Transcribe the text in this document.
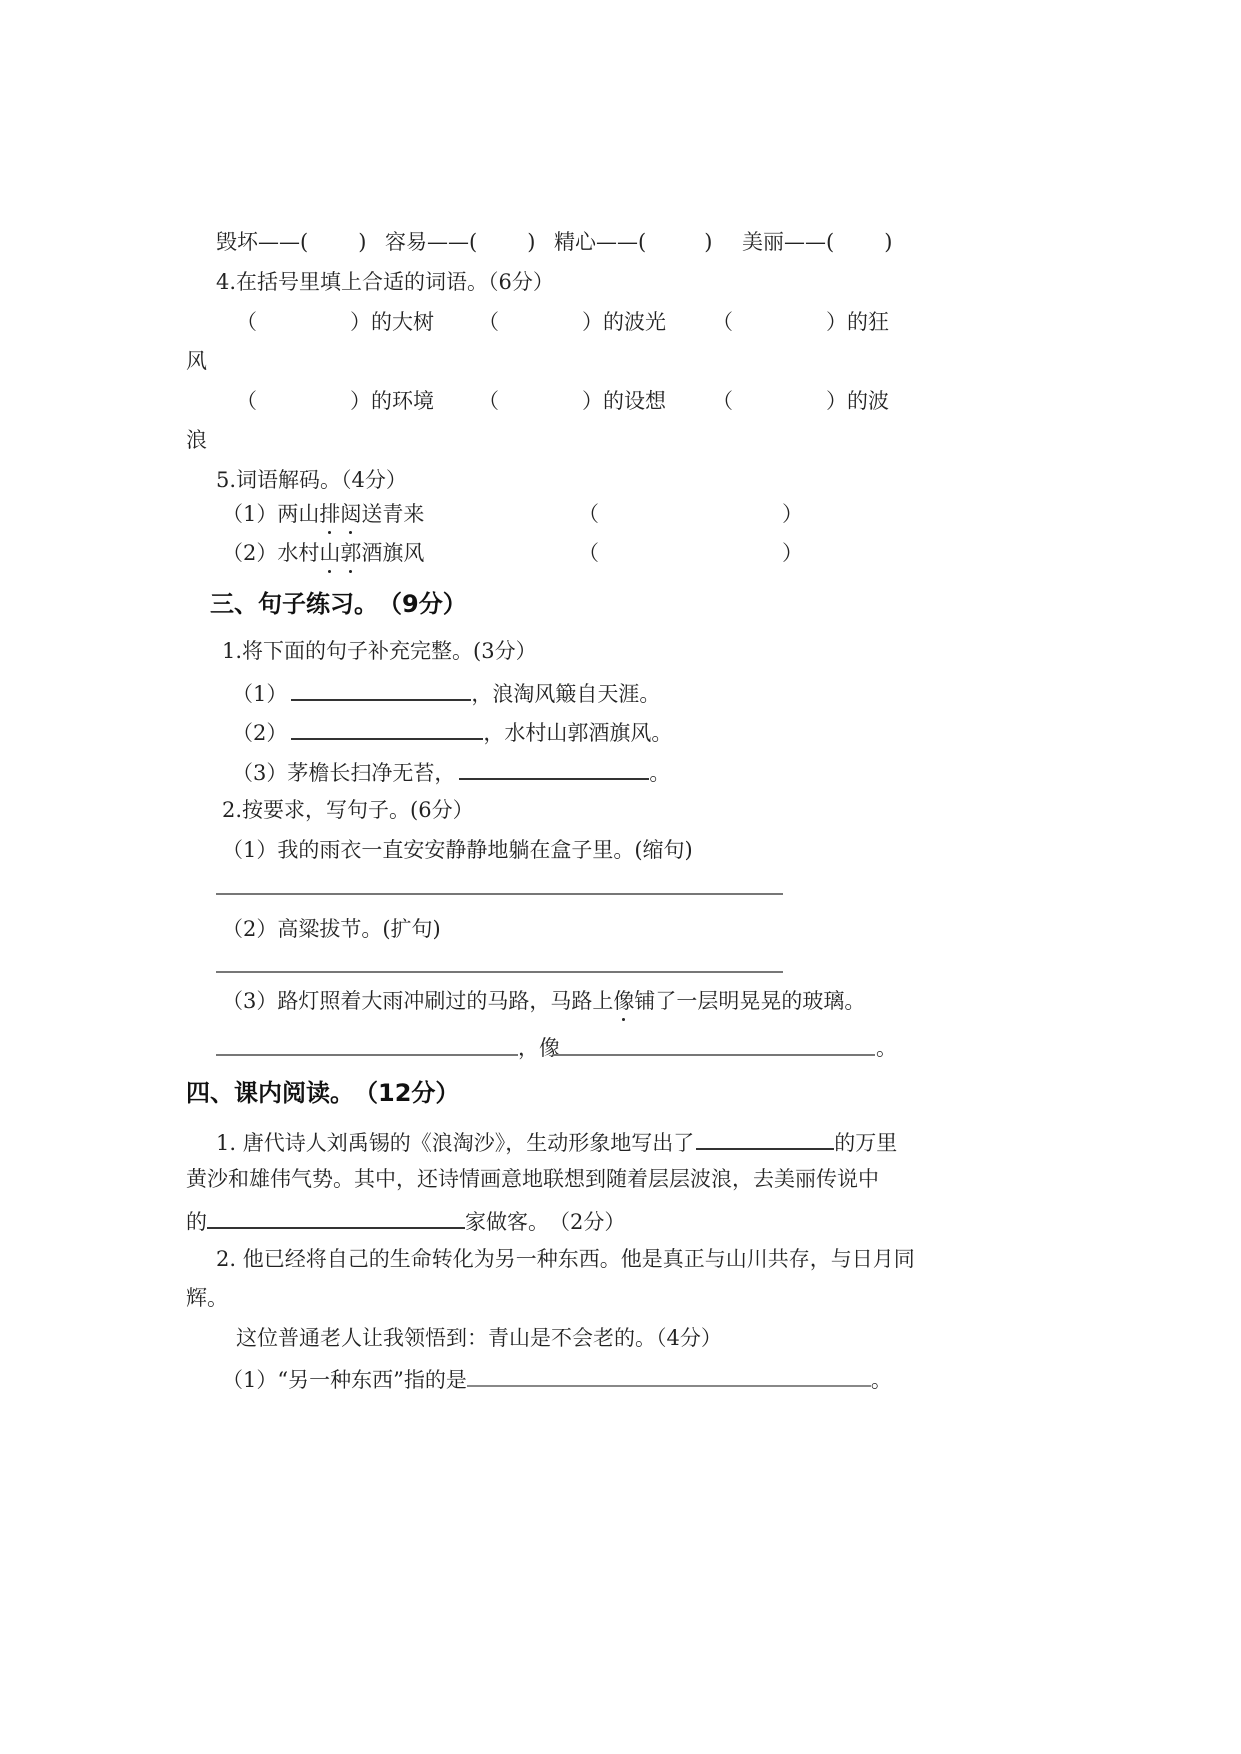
毁坏——( ) 容易——( ) 精心——(	) 美丽——( )
4.在括号里填上合适的词语。（6分）
（	）的大树 （	）的波光 （	）的狂
风
（	）的环境 （	）的设想 （	）的波
浪
5.词语解码。（4分）
（1）两山排闼送青来	（	）
（2）水村山郭酒旗风	（	）
三、句子练习。　（9分）
1.将下面的句子补充完整。(3分）
（1）	，浪淘风簸自天涯。
（2）	，水村山郭酒旗风。
（3）茅檐长扫净无苔，	。
2.按要求，写句子。(6分）
（1）我的雨衣一直安安静静地躺在盒子里。(缩句)
（2）高粱拔节。(扩句)
（3）路灯照着大雨冲刷过的马路，马路上像铺了一层明晃晃的玻璃。
，像	。
四、课内阅读。　（12分）
1. 唐代诗人刘禹锡的《浪淘沙》，生动形象地写出了	的万里
黄沙和雄伟气势。其中，还诗情画意地联想到随着层层波浪，去美丽传说中
的	家做客。　（2分）
2. 他已经将自己的生命转化为另一种东西。他是真正与山川共存，与日月同
辉。
这位普通老人让我领悟到：青山是不会老的。（4分）
（1）“另一种东西”指的是	。
